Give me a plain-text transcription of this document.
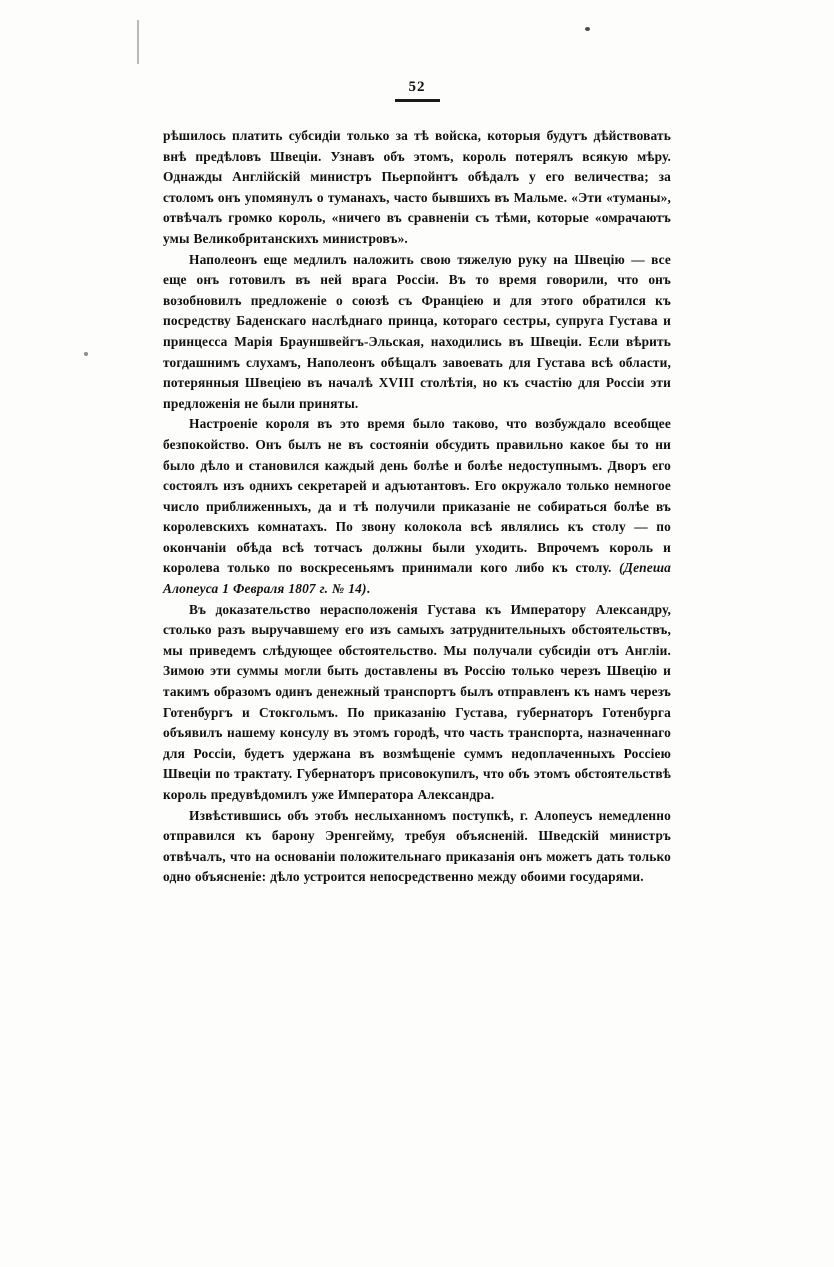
52

рѣшилось платить субсидіи только за тѣ войска, которыя будутъ дѣйствовать внѣ предѣловъ Швеціи. Узнавъ объ этомъ, король потерялъ всякую мѣру. Однажды Англійскій министръ Пьерпойнтъ обѣдалъ у его величества; за столомъ онъ упомянулъ о туманахъ, часто бывшихъ въ Мальме. «Эти «туманы», отвѣчалъ громко король, «ничего въ сравненіи съ тѣми, которые «омрачаютъ умы Великобританскихъ министровъ».

Наполеонъ еще медлилъ наложить свою тяжелую руку на Швецію — все еще онъ готовилъ въ ней врага Россіи. Въ то время говорили, что онъ возобновилъ предложеніе о союзѣ съ Франціею и для этого обратился къ посредству Баденскаго наслѣднаго принца, котораго сестры, супруга Густава и принцесса Марія Брауншвейгъ-Эльская, находились въ Швеціи. Если вѣрить тогдашнимъ слухамъ, Наполеонъ обѣщалъ завоевать для Густава всѣ области, потерянныя Швеціею въ началѣ XVIII столѣтія, но къ счастію для Россіи эти предложенія не были приняты.

Настроеніе короля въ это время было таково, что возбуждало всеобщее безпокойство. Онъ былъ не въ состояніи обсудить правильно какое бы то ни было дѣло и становился каждый день болѣе и болѣе недоступнымъ. Дворъ его состоялъ изъ однихъ секретарей и адъютантовъ. Его окружало только немногое число приближенныхъ, да и тѣ получили приказаніе не собираться болѣе въ королевскихъ комнатахъ. По звону колокола всѣ являлись къ столу — по окончаніи обѣда всѣ тотчасъ должны были уходить. Впрочемъ король и королева только по воскресеньямъ принимали кого либо къ столу. (Депеша Алопеуса 1 Февраля 1807 г. № 14).

Въ доказательство нерасположенія Густава къ Императору Александру, столько разъ выручавшему его изъ самыхъ затруднительныхъ обстоятельствъ, мы приведемъ слѣдующее обстоятельство. Мы получали субсидіи отъ Англіи. Зимою эти суммы могли быть доставлены въ Россію только черезъ Швецію и такимъ образомъ одинъ денежный транспортъ былъ отправленъ къ намъ черезъ Готенбургъ и Стокгольмъ. По приказанію Густава, губернаторъ Готенбурга объявилъ нашему консулу въ этомъ городѣ, что часть транспорта, назначеннаго для Россіи, будетъ удержана въ возмѣщеніе суммъ недоплаченныхъ Россіею Швеціи по трактату. Губернаторъ присовокупилъ, что объ этомъ обстоятельствѣ король предувѣдомилъ уже Императора Александра.

Извѣстившись объ этобъ неслыханномъ поступкѣ, г. Алопеусъ немедленно отправился къ барону Эренгейму, требуя объясненій. Шведскій министръ отвѣчалъ, что на основаніи положительнаго приказанія онъ можетъ дать только одно объясненіе: дѣло устроится непосредственно между обоими государями.
